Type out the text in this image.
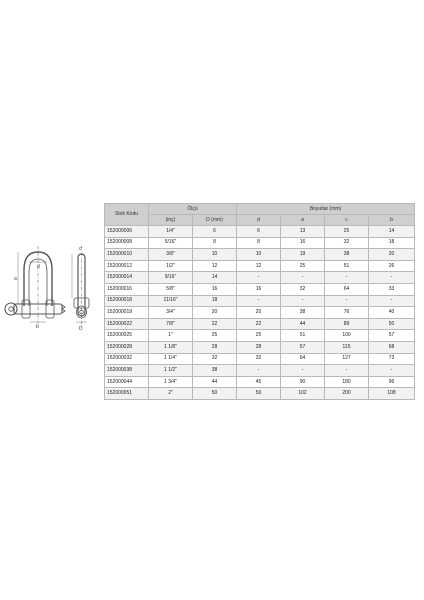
d
a
b
c
D
Stok Kodu	Ölçü		Boyutlar (mm)			
	(inç)	D (mm)	d	a	c	b
152000006	1/4"	6	6	13	25	14
152000008	5/16"	8	8	16	32	18
152000010	3/8"	10	10	19	38	20
152000012	1/2"	12	12	25	51	26
152000014	9/16"	14	-	-	-	-
152000016	5/8"	16	16	32	64	33
152000018	11/16"	18	-	-	-	-
152000019	3/4"	20	20	38	76	40
152000022	7/8"	22	22	44	89	50
152000025	1"	25	25	51	100	57
152000028	1 1/8"	28	28	57	115	68
152000032	1 1/4"	32	32	64	127	73
152000038	1 1/2"	38	-	-	-	-
152000044	1 3/4"	44	45	90	180	96
152000051	2"	50	50	102	200	108
